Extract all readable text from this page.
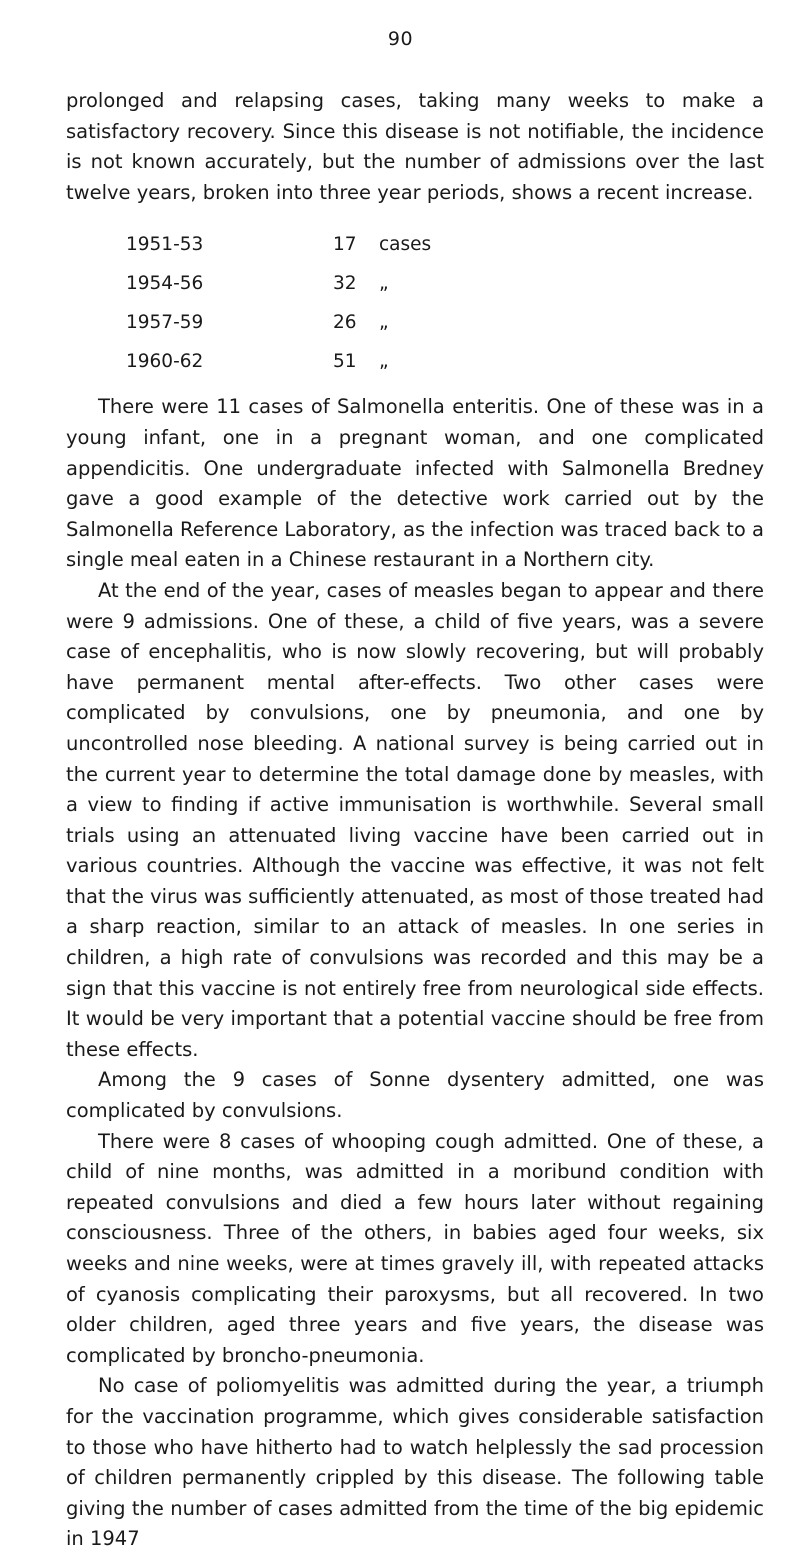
90

prolonged and relapsing cases, taking many weeks to make a satisfactory recovery. Since this disease is not notifiable, the incidence is not known accurately, but the number of admissions over the last twelve years, broken into three year periods, shows a recent increase.

1951-53	17	cases
1954-56	32	„
1957-59	26	„
1960-62	51	„

There were 11 cases of Salmonella enteritis. One of these was in a young infant, one in a pregnant woman, and one complicated appendicitis. One undergraduate infected with Salmonella Bredney gave a good example of the detective work carried out by the Salmonella Reference Laboratory, as the infection was traced back to a single meal eaten in a Chinese restaurant in a Northern city.

At the end of the year, cases of measles began to appear and there were 9 admissions. One of these, a child of five years, was a severe case of encephalitis, who is now slowly recovering, but will probably have permanent mental after-effects. Two other cases were complicated by convulsions, one by pneumonia, and one by uncontrolled nose bleeding. A national survey is being carried out in the current year to determine the total damage done by measles, with a view to finding if active immunisation is worthwhile. Several small trials using an attenuated living vaccine have been carried out in various countries. Although the vaccine was effective, it was not felt that the virus was sufficiently attenuated, as most of those treated had a sharp reaction, similar to an attack of measles. In one series in children, a high rate of convulsions was recorded and this may be a sign that this vaccine is not entirely free from neurological side effects. It would be very important that a potential vaccine should be free from these effects.

Among the 9 cases of Sonne dysentery admitted, one was complicated by convulsions.

There were 8 cases of whooping cough admitted. One of these, a child of nine months, was admitted in a moribund condition with repeated convulsions and died a few hours later without regaining consciousness. Three of the others, in babies aged four weeks, six weeks and nine weeks, were at times gravely ill, with repeated attacks of cyanosis complicating their paroxysms, but all recovered. In two older children, aged three years and five years, the disease was complicated by broncho-pneumonia.

No case of poliomyelitis was admitted during the year, a triumph for the vaccination programme, which gives considerable satisfaction to those who have hitherto had to watch helplessly the sad procession of children permanently crippled by this disease. The following table giving the number of cases admitted from the time of the big epidemic in 1947
